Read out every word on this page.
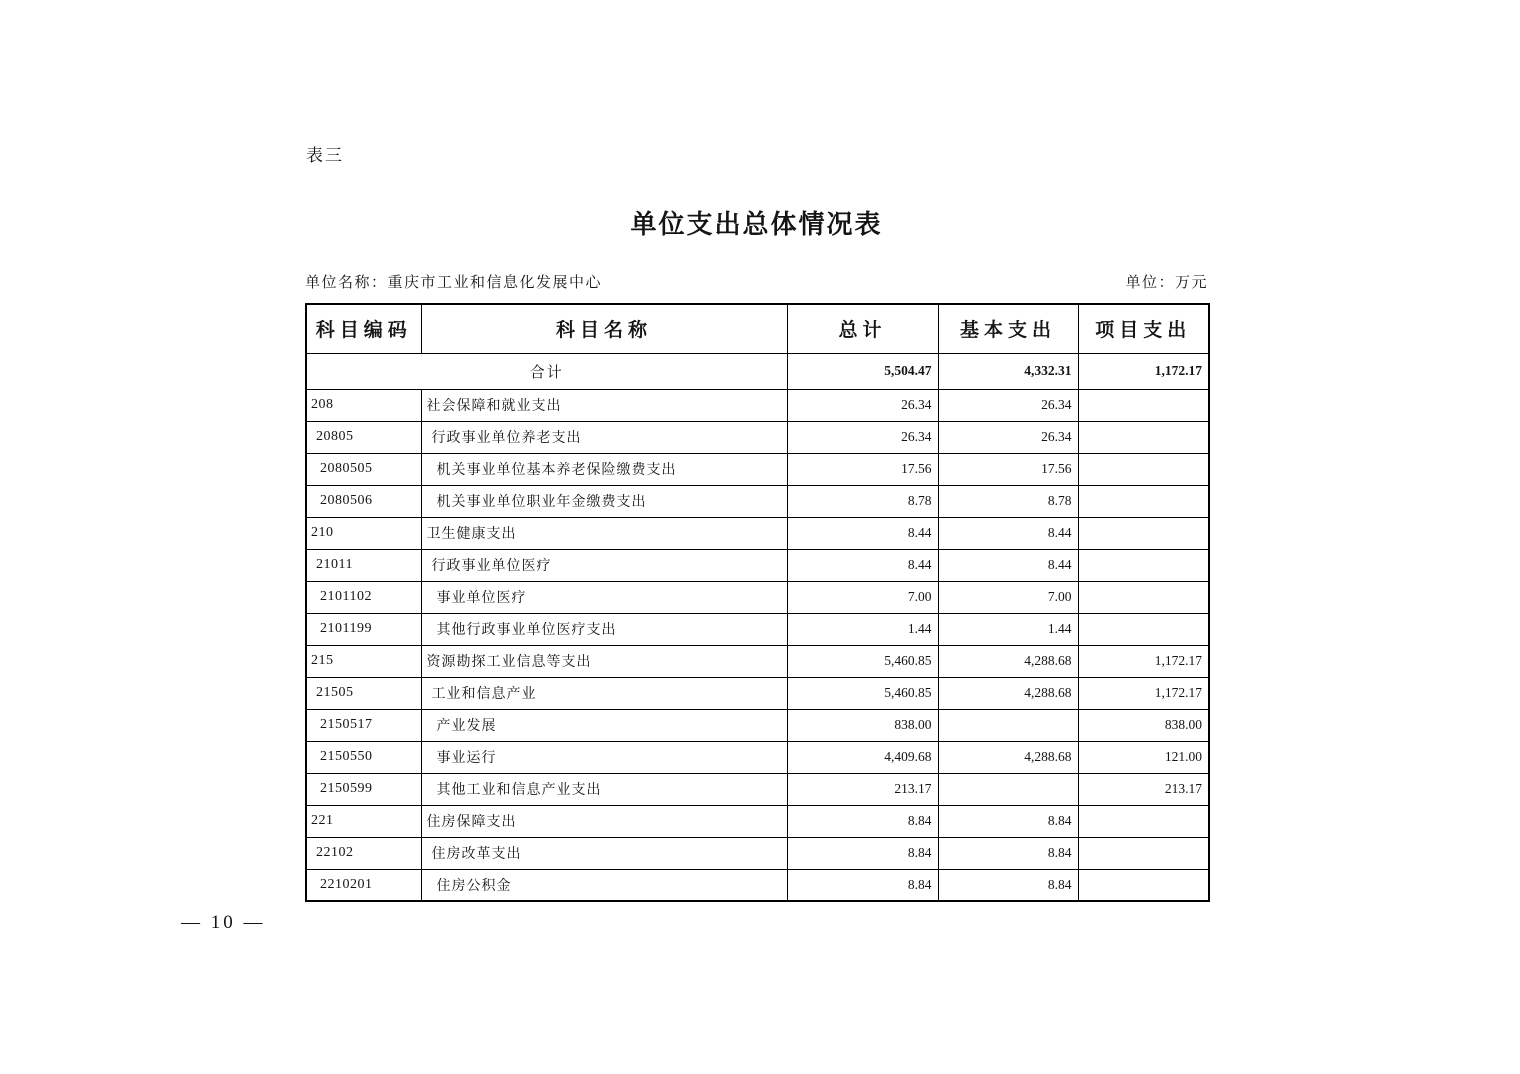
表三
单位支出总体情况表
单位名称：重庆市工业和信息化发展中心	单位：万元
科目编码	科目名称	总计	基本支出	项目支出
合计		5,504.47	4,332.31	1,172.17
208	社会保障和就业支出	26.34	26.34	
20805	行政事业单位养老支出	26.34	26.34	
2080505	机关事业单位基本养老保险缴费支出	17.56	17.56	
2080506	机关事业单位职业年金缴费支出	8.78	8.78	
210	卫生健康支出	8.44	8.44	
21011	行政事业单位医疗	8.44	8.44	
2101102	事业单位医疗	7.00	7.00	
2101199	其他行政事业单位医疗支出	1.44	1.44	
215	资源勘探工业信息等支出	5,460.85	4,288.68	1,172.17
21505	工业和信息产业	5,460.85	4,288.68	1,172.17
2150517	产业发展	838.00		838.00
2150550	事业运行	4,409.68	4,288.68	121.00
2150599	其他工业和信息产业支出	213.17		213.17
221	住房保障支出	8.84	8.84	
22102	住房改革支出	8.84	8.84	
2210201	住房公积金	8.84	8.84	
— 10 —
